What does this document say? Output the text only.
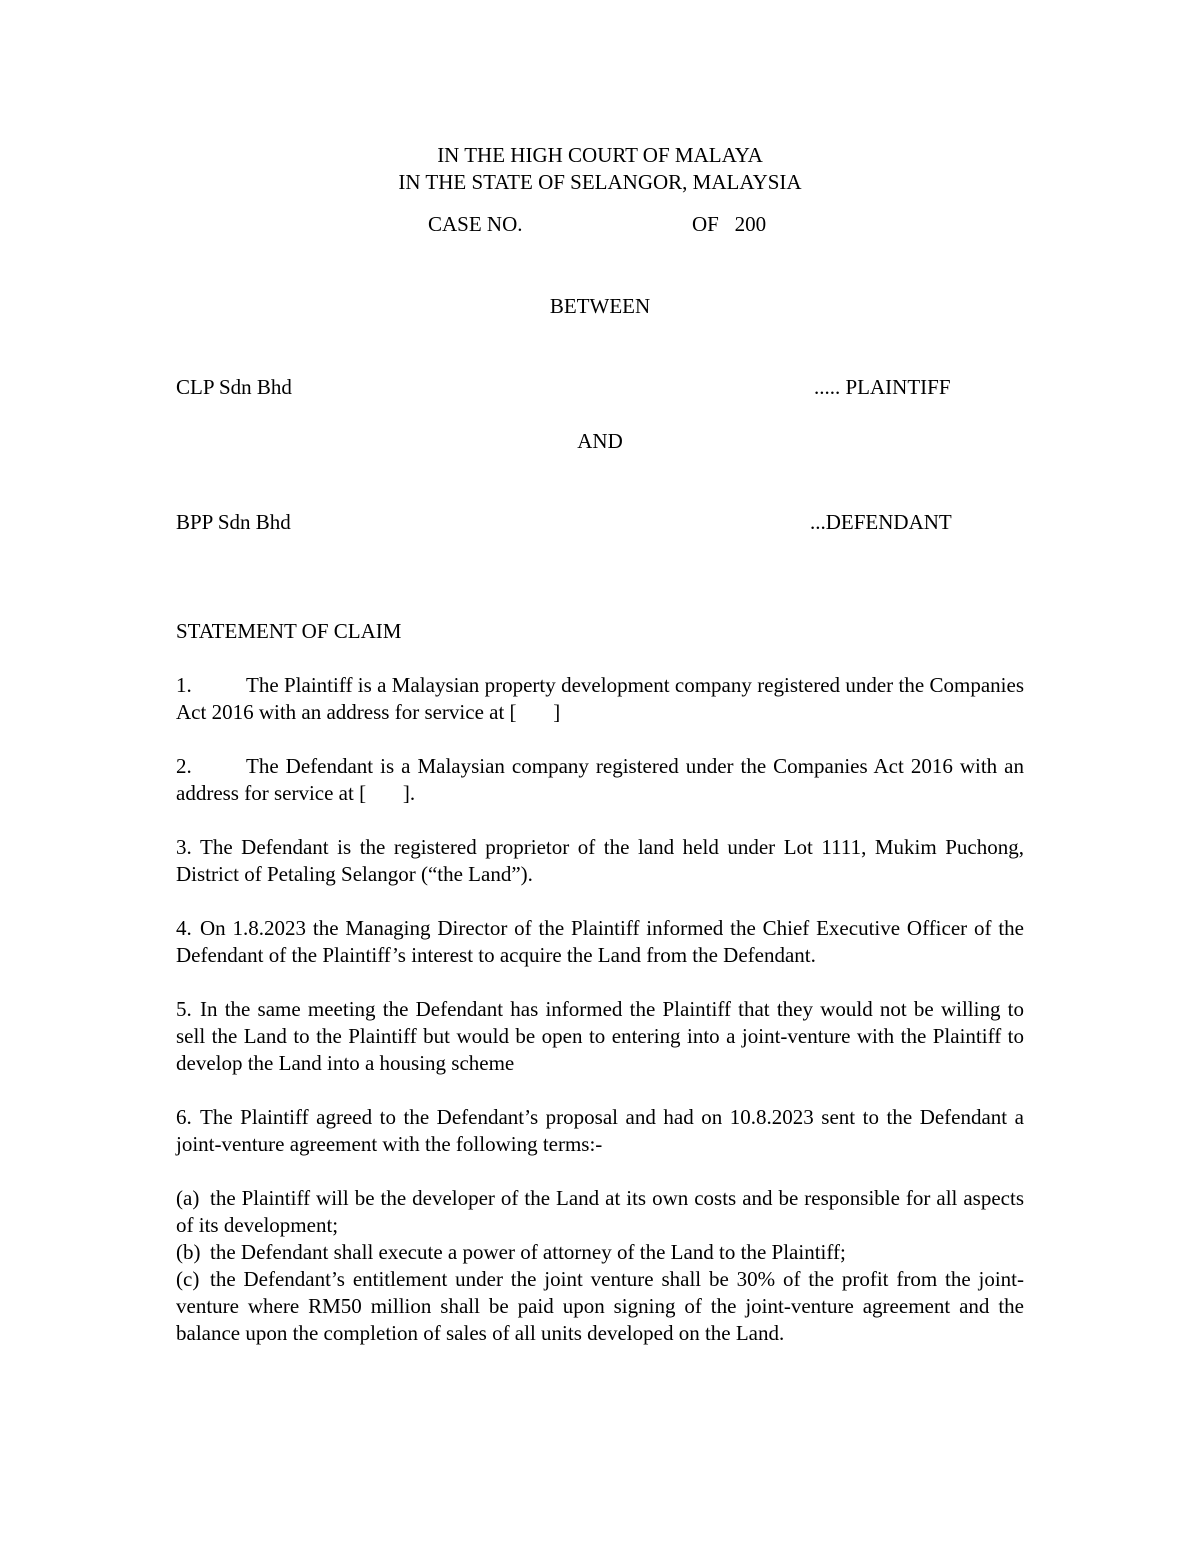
IN THE HIGH COURT OF MALAYA
IN THE STATE OF SELANGOR, MALAYSIA
CASE NO.	OF   200
BETWEEN
CLP Sdn Bhd	..... PLAINTIFF
AND
BPP Sdn Bhd	...DEFENDANT
STATEMENT OF CLAIM
1.	The Plaintiff is a Malaysian property development company registered under the Companies Act 2016 with an address for service at [       ]
2.	The Defendant is a Malaysian company registered under the Companies Act 2016 with an address for service at [       ].
3. The Defendant is the registered proprietor of the land held under Lot 1111, Mukim Puchong, District of Petaling Selangor (“the Land”).
4. On 1.8.2023 the Managing Director of the Plaintiff informed the Chief Executive Officer of the Defendant of the Plaintiff’s interest to acquire the Land from the Defendant.
5. In the same meeting the Defendant has informed the Plaintiff that they would not be willing to sell the Land to the Plaintiff but would be open to entering into a joint-venture with the Plaintiff to develop the Land into a housing scheme
6. The Plaintiff agreed to the Defendant’s proposal and had on 10.8.2023 sent to the Defendant a joint-venture agreement with the following terms:-
(a) the Plaintiff will be the developer of the Land at its own costs and be responsible for all aspects of its development;
(b) the Defendant shall execute a power of attorney of the Land to the Plaintiff;
(c) the Defendant’s entitlement under the joint venture shall be 30% of the profit from the joint-venture where RM50 million shall be paid upon signing of the joint-venture agreement and the balance upon the completion of sales of all units developed on the Land.
